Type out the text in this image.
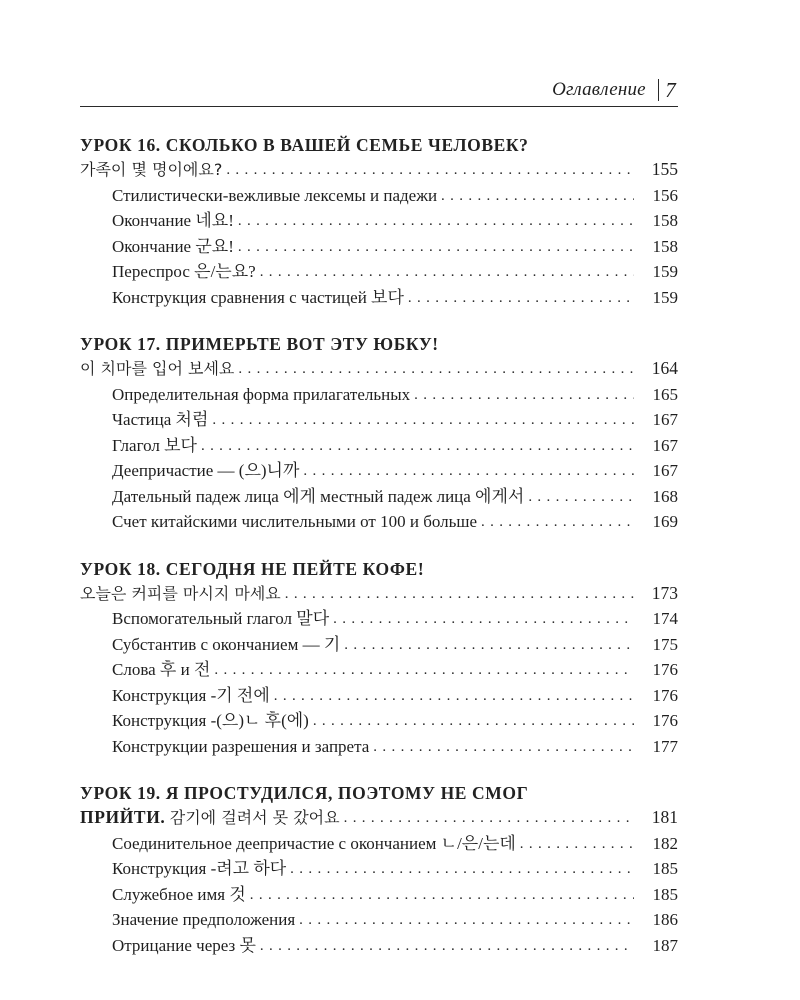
Оглавление 7
УРОК 16. СКОЛЬКО В ВАШЕЙ СЕМЬЕ ЧЕЛОВЕК?
가족이 몇 명이에요? . . .	155
Стилистически-вежливые лексемы и падежи . . .	156
Окончание 네요! . . .	158
Окончание 군요! . . .	158
Переспрос 은/는요? . . .	159
Конструкция сравнения с частицей 보다 . . .	159
УРОК 17. ПРИМЕРЬТЕ ВОТ ЭТУ ЮБКУ!
이 치마를 입어 보세요 . . .	164
Определительная форма прилагательных . . .	165
Частица 처럼 . . .	167
Глагол 보다 . . .	167
Деепричастие — (으)니까 . . .	167
Дательный падеж лица 에게 местный падеж лица 에게서 . . .	168
Счет китайскими числительными от 100 и больше . . .	169
УРОК 18. СЕГОДНЯ НЕ ПЕЙТЕ КОФЕ!
오늘은 커피를 마시지 마세요 . . .	173
Вспомогательный глагол 말다 . . .	174
Субстантив с окончанием — 기 . . .	175
Слова 후 и 전 . . .	176
Конструкция -기 전에 . . .	176
Конструкция -(으)ㄴ 후(에) . . .	176
Конструкции разрешения и запрета . . .	177
УРОК 19. Я ПРОСТУДИЛСЯ, ПОЭТОМУ НЕ СМОГ
ПРИЙТИ. 감기에 걸려서 못 갔어요 . . .	181
Соединительное деепричастие с окончанием ㄴ/은/는데 . . .	182
Конструкция -려고 하다 . . .	185
Служебное имя 것 . . .	185
Значение предположения . . .	186
Отрицание через 못 . . .	187
